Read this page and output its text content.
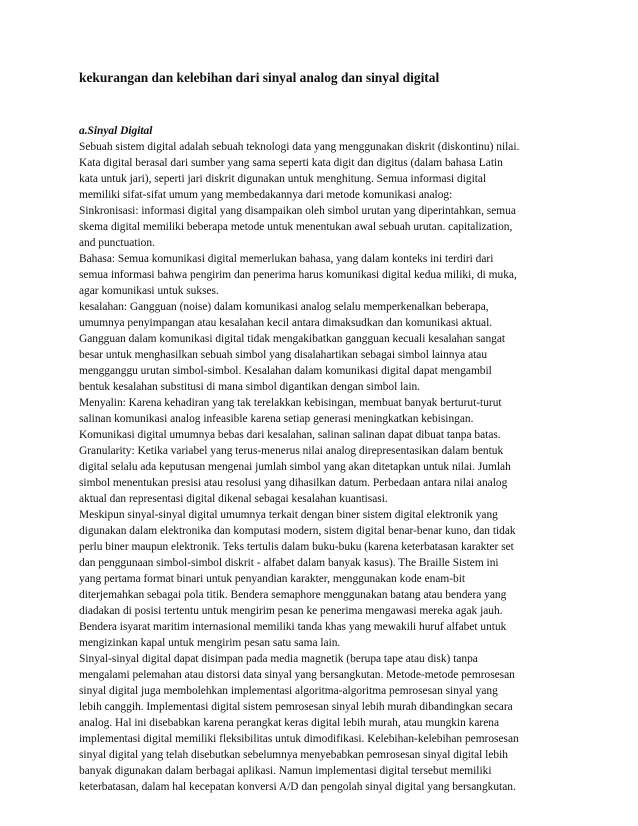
kekurangan dan kelebihan dari sinyal analog dan sinyal digital
a.Sinyal Digital
Sebuah sistem digital adalah sebuah teknologi data yang menggunakan diskrit (diskontinu) nilai.
Kata digital berasal dari sumber yang sama seperti kata digit dan digitus (dalam bahasa Latin
kata untuk jari), seperti jari diskrit digunakan untuk menghitung. Semua informasi digital
memiliki sifat-sifat umum yang membedakannya dari metode komunikasi analog:
Sinkronisasi: informasi digital yang disampaikan oleh simbol urutan yang diperintahkan, semua
skema digital memiliki beberapa metode untuk menentukan awal sebuah urutan. capitalization,
and punctuation.
Bahasa: Semua komunikasi digital memerlukan bahasa, yang dalam konteks ini terdiri dari
semua informasi bahwa pengirim dan penerima harus komunikasi digital kedua miliki, di muka,
agar komunikasi untuk sukses.
kesalahan: Gangguan (noise) dalam komunikasi analog selalu memperkenalkan beberapa,
umumnya penyimpangan atau kesalahan kecil antara dimaksudkan dan komunikasi aktual.
Gangguan dalam komunikasi digital tidak mengakibatkan gangguan kecuali kesalahan sangat
besar untuk menghasilkan sebuah simbol yang disalahartikan sebagai simbol lainnya atau
mengganggu urutan simbol-simbol. Kesalahan dalam komunikasi digital dapat mengambil
bentuk kesalahan substitusi di mana simbol digantikan dengan simbol lain.
Menyalin: Karena kehadiran yang tak terelakkan kebisingan, membuat banyak berturut-turut
salinan komunikasi analog infeasible karena setiap generasi meningkatkan kebisingan.
Komunikasi digital umumnya bebas dari kesalahan, salinan salinan dapat dibuat tanpa batas.
Granularity: Ketika variabel yang terus-menerus nilai analog direpresentasikan dalam bentuk
digital selalu ada keputusan mengenai jumlah simbol yang akan ditetapkan untuk nilai. Jumlah
simbol menentukan presisi atau resolusi yang dihasilkan datum. Perbedaan antara nilai analog
aktual dan representasi digital dikenal sebagai kesalahan kuantisasi.
Meskipun sinyal-sinyal digital umumnya terkait dengan biner sistem digital elektronik yang
digunakan dalam elektronika dan komputasi modern, sistem digital benar-benar kuno, dan tidak
perlu biner maupun elektronik. Teks tertulis dalam buku-buku (karena keterbatasan karakter set
dan penggunaan simbol-simbol diskrit - alfabet dalam banyak kasus). The Braille Sistem ini
yang pertama format binari untuk penyandian karakter, menggunakan kode enam-bit
diterjemahkan sebagai pola titik. Bendera semaphore menggunakan batang atau bendera yang
diadakan di posisi tertentu untuk mengirim pesan ke penerima mengawasi mereka agak jauh.
Bendera isyarat maritim internasional memiliki tanda khas yang mewakili huruf alfabet untuk
mengizinkan kapal untuk mengirim pesan satu sama lain.
Sinyal-sinyal digital dapat disimpan pada media magnetik (berupa tape atau disk) tanpa
mengalami pelemahan atau distorsi data sinyal yang bersangkutan. Metode-metode pemrosesan
sinyal digital juga membolehkan implementasi algoritma-algoritma pemrosesan sinyal yang
lebih canggih. Implementasi digital sistem pemrosesan sinyal lebih murah dibandingkan secara
analog. Hal ini disebabkan karena perangkat keras digital lebih murah, atau mungkin karena
implementasi digital memiliki fleksibilitas untuk dimodifikasi. Kelebihan-kelebihan pemrosesan
sinyal digital yang telah disebutkan sebelumnya menyebabkan pemrosesan sinyal digital lebih
banyak digunakan dalam berbagai aplikasi. Namun implementasi digital tersebut memiliki
keterbatasan, dalam hal kecepatan konversi A/D dan pengolah sinyal digital yang bersangkutan.
